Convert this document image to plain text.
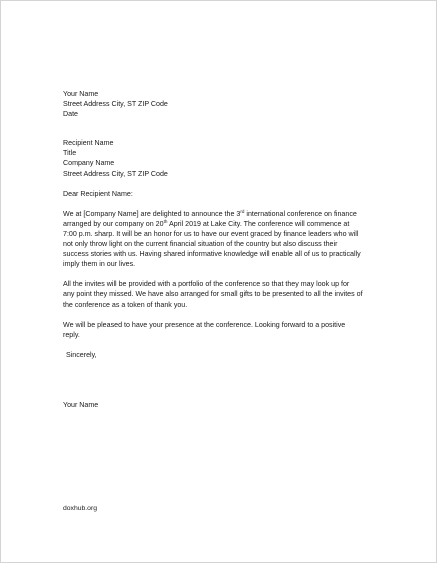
Your Name
Street Address City, ST ZIP Code
Date
Recipient Name
Title
Company Name
Street Address City, ST ZIP Code
Dear Recipient Name:
We at [Company Name] are delighted to announce the 3rd international conference on finance
arranged by our company on 20th April 2019 at Lake City. The conference will commence at
7:00 p.m. sharp. It will be an honor for us to have our event graced by finance leaders who will
not only throw light on the current financial situation of the country but also discuss their
success stories with us. Having shared informative knowledge will enable all of us to practically
imply them in our lives.
All the invites will be provided with a portfolio of the conference so that they may look up for
any point they missed. We have also arranged for small gifts to be presented to all the invites of
the conference as a token of thank you.
We will be pleased to have your presence at the conference. Looking forward to a positive
reply.
Sincerely,
Your Name
doxhub.org
